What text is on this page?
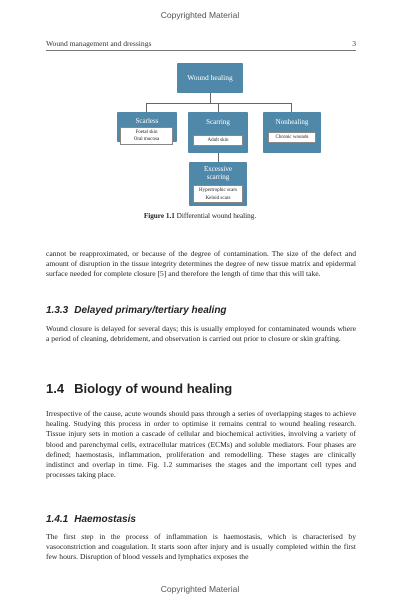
Copyrighted Material
Wound management and dressings	3
Wound healing
Scarless
Foetal skin
Oral mucosa
Scarring
Adult skin
Nonhealing
Chronic wounds
Excessive
scarring
Hypertrophic scars
Keloid scars
Figure 1.1 Differential wound healing.

cannot be reapproximated, or because of the degree of contamination. The size of the defect and amount of disruption in the tissue integrity determines the degree of new tissue matrix and epidermal surface needed for complete closure [5] and therefore the length of time that this will take.

1.3.3 Delayed primary/tertiary healing

Wound closure is delayed for several days; this is usually employed for contaminated wounds where a period of cleaning, debridement, and observation is carried out prior to closure or skin grafting.

1.4 Biology of wound healing

Irrespective of the cause, acute wounds should pass through a series of overlapping stages to achieve healing. Studying this process in order to optimise it remains central to wound healing research. Tissue injury sets in motion a cascade of cellular and biochemical activities, involving a variety of blood and parenchymal cells, extracellular matrices (ECMs) and soluble mediators. Four phases are defined; haemostasis, inflammation, proliferation and remodelling. These stages are clinically indistinct and overlap in time. Fig. 1.2 summarises the stages and the important cell types and processes taking place.

1.4.1 Haemostasis

The first step in the process of inflammation is haemostasis, which is characterised by vasoconstriction and coagulation. It starts soon after injury and is usually completed within the first few hours. Disruption of blood vessels and lymphatics exposes the

Copyrighted Material
